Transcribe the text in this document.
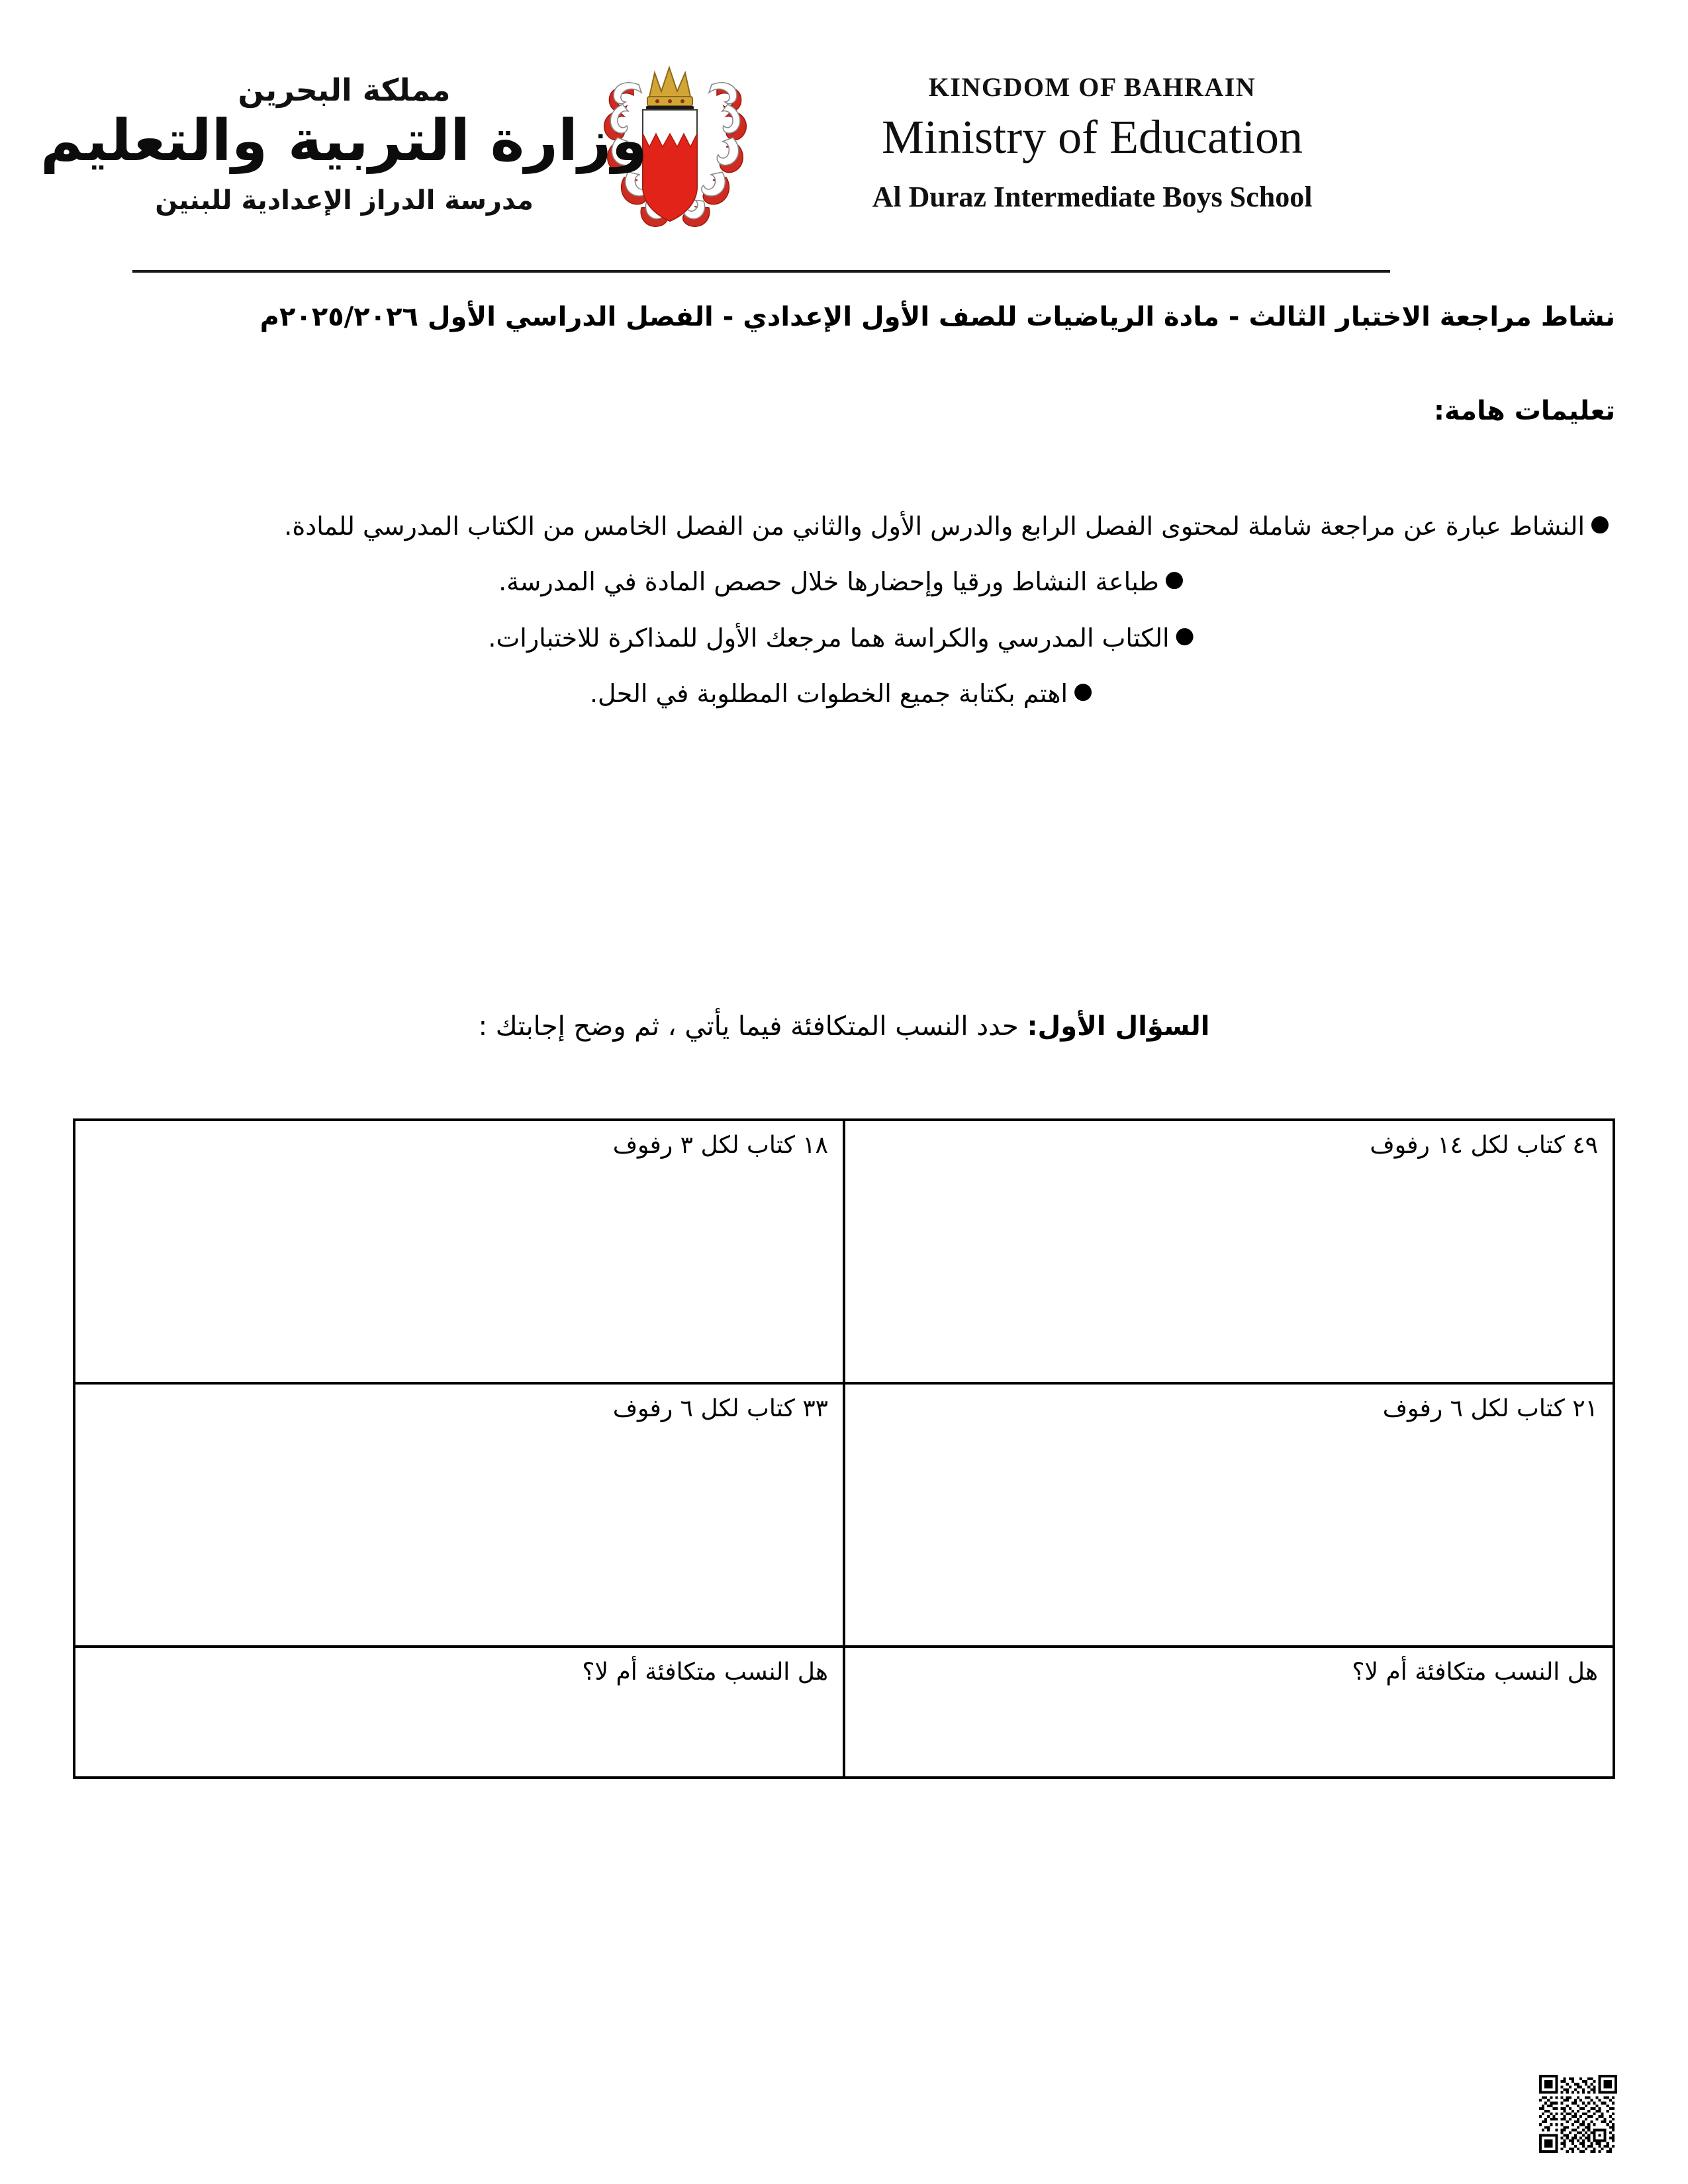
مملكة البحرين
وزارة التربية والتعليم
مدرسة الدراز الإعدادية للبنين
KINGDOM OF BAHRAIN
Ministry of Education
Al Duraz Intermediate Boys School
نشاط مراجعة الاختبار الثالث - مادة الرياضيات للصف الأول الإعدادي - الفصل الدراسي الأول ٢٠٢٥/٢٠٢٦م
تعليمات هامة:
●
النشاط عبارة عن مراجعة شاملة لمحتوى الفصل الرابع والدرس الأول والثاني من الفصل الخامس من الكتاب المدرسي للمادة.
●
طباعة النشاط ورقيا وإحضارها خلال حصص المادة في المدرسة.
●
الكتاب المدرسي والكراسة هما مرجعك الأول للمذاكرة للاختبارات.
●
اهتم بكتابة جميع الخطوات المطلوبة في الحل.
السؤال الأول: حدد النسب المتكافئة فيما يأتي ، ثم وضح إجابتك :
٤٩ كتاب لكل ١٤ رفوف	١٨ كتاب لكل ٣ رفوف
٢١ كتاب لكل ٦ رفوف	٣٣ كتاب لكل ٦ رفوف
هل النسب متكافئة أم لا؟	هل النسب متكافئة أم لا؟
